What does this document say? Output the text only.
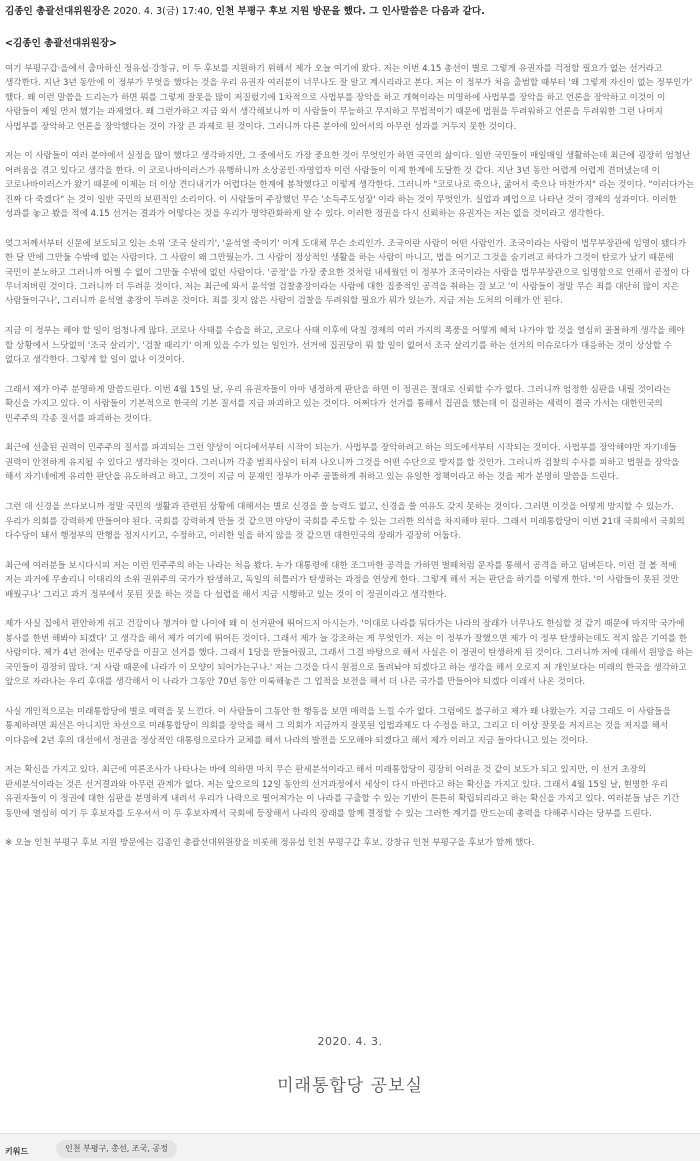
김종인 총괄선대위원장은 2020. 4. 3(금) 17:40, 인천 부평구 후보 지원 방문을 했다. 그 인사말씀은 다음과 같다.
<김종인 총괄선대위원장>

여기 부평구갑·을에서 출마하신 정유섭·강창규, 이 두 후보를 지원하기 위해서 제가 오늘 여기에 왔다. 저는 이번 4.15 총선이 별로 그렇게 유권자를 걱정할 필요가 없는 선거라고 생각한다. 지난 3년 동안에 이 정부가 무엇을 했다는 것을 우리 유권자 여러분이 너무나도 잘 알고 계시리라고 본다. 저는 이 정부가 처음 출범할 때부터 '왜 그렇게 자신이 없는 정부인가' 했다. 왜 이런 말씀을 드리는가 하면 뭐를 그렇게 잘못을 많이 저질렀기에 1차적으로 사법부를 장악을 하고 개혁이라는 미명하에 사법부를 장악을 하고 언론을 장악하고 이것이 이 사람들이 제일 먼저 했기는 과제였다. 왜 그런가하고 지금 와서 생각해보니까 이 사람들이 무능하고 무지하고 무법적이기 때문에 법원을 두려워하고 언론을 두려워한 그런 나머지 사법부를 장악하고 언론을 장악했다는 것이 가장 큰 과제로 된 것이다. 그러니까 다른 분야에 있어서의 아무런 성과를 거두지 못한 것이다.

저는 이 사람들이 여러 분야에서 실정을 많이 했다고 생각하지만, 그 중에서도 가장 중요한 것이 무엇인가 하면 국민의 삶이다. 일반 국민들이 매일매일 생활하는데 최근에 굉장히 엄청난 어려움을 겪고 있다고 생각을 한다. 이 코로나바이러스가 유행하니까 소상공인·자영업자 이런 사람들이 이제 한계에 도달한 것 같다. 지난 3년 동안 어렵게 어렵게 견뎌냈는데 이 코로나바이러스가 왔기 때문에 이제는 더 이상 견디내기가 어렵다는 한계에 봉착했다고 이렇게 생각한다. 그러니까 "코로나로 죽으나, 굶어서 죽으나 마찬가지" 라는 것이다. "이러다가는 진짜 다 죽겠다" 는 것이 일반 국민의 보편적인 소리이다. 이 사람들이 주장했던 무슨 '소득주도성장' 이라 하는 것이 무엇인가. 실업과 폐업으로 나타난 것이 경제의 성과이다. 이러한 성과를 놓고 봤을 적에 4.15 선거는 결과가 어떻다는 것을 우리가 명약관화하게 알 수 있다. 이러한 정권을 다시 신뢰하는 유권자는 저는 없을 것이라고 생각한다.

엊그저께서부터 신문에 보도되고 있는 소위 '조국 살리기', '윤석열 죽이기' 이게 도대체 무슨 소리인가. 조국이란 사람이 어떤 사람인가. 조국이라는 사람이 법무부장관에 임명이 됐다가 한 달 만에 그만둘 수밖에 없는 사람이다. 그 사람이 왜 그만뒀는가. 그 사람이 정상적인 생활을 하는 사람이 아니고, 법을 어기고 그것을 숨기려고 하다가 그것이 탄로가 났기 때문에 국민이 분노하고 그러니까 어쩔 수 없이 그만둘 수밖에 없던 사람이다. '공정'을 가장 중요한 것처럼 내세웠던 이 정부가 조국이라는 사람을 법무부장관으로 임명함으로 인해서 공정이 다 무너져버린 것이다. 그러니까 더 두려운 것이다. 저는 최근에 와서 윤석열 검찰총장이라는 사람에 대한 집중적인 공격을 취하는 걸 보고 '이 사람들이 정말 무슨 죄를 대단히 많이 지은 사람들이구나', 그러니까 윤석열 총장이 두려운 것이다. 죄를 짓지 않은 사람이 검찰을 두려워할 필요가 뭐가 있는가. 지금 저는 도처의 이해가 안 된다.

지금 이 정부는 해야 할 일이 엄청나게 많다. 코로나 사태를 수습을 하고, 코로나 사태 이후에 닥칠 경제의 여러 가지의 폭풍을 어떻게 헤쳐 나가야 할 것을 열심히 골몰하게 생각을 해야 할 상황에서 느닷없이 '조국 살리기', '검찰 때리기' 이게 있을 수가 있는 일인가. 선거에 집권당이 뭐 할 일이 없어서 조국 살리기를 하는 선거의 이슈로다가 대응하는 것이 상상할 수 없다고 생각한다. 그렇게 할 일이 없나 이것이다.

그래서 제가 아주 분명하게 말씀드린다. 이번 4월 15일 날, 우리 유권자들이 아마 냉정하게 판단을 하면 이 정권은 절대로 신뢰할 수가 없다. 그러니까 엄정한 심판을 내릴 것이라는 확신을 가지고 있다. 이 사람들이 기본적으로 한국의 기본 질서를 지금 파괴하고 있는 것이다. 어쩌다가 선거를 통해서 집권을 했는데 이 집권하는 세력이 결국 가서는 대한민국의 민주주의 각종 질서를 파괴하는 것이다.

최근에 선출된 권력이 민주주의 질서를 파괴되는 그런 양상이 어디에서부터 시작이 되는가. 사법부를 장악하려고 하는 의도에서부터 시작되는 것이다. 사법부를 장악해야만 자기네들 권력이 안전하게 유지될 수 있다고 생각하는 것이다. 그러니까 각종 범죄사실이 터져 나오니까 그것을 어떤 수단으로 방지를 할 것인가. 그러니까 검찰의 수사를 피하고 법원을 장악을 해서 자기네에게 유리한 판단을 유도하려고 하고, 그것이 지금 이 문재인 정부가 아주 골똘하게 취하고 있는 유일한 정책이라고 하는 것을 제가 분명히 말씀을 드린다.

그런 데 신경을 쓰다보니까 정말 국민의 생활과 관련된 상황에 대해서는 별로 신경을 쓸 능력도 없고, 신경을 쓸 여유도 갖지 못하는 것이다. 그러면 이것을 어떻게 방지할 수 있는가. 우리가 의회를 강력하게 만들어야 된다. 국회를 강력하게 만들 것 같으면 야당이 국회를 주도할 수 있는 그러한 의석을 차지해야 된다. 그래서 미래통합당이 이번 21대 국회에서 국회의 다수당이 돼서 행정부의 만행을 정지시키고, 수정하고, 이러한 일을 하지 않을 것 같으면 대한민국의 장래가 굉장히 어둡다.

최근에 여러분들 보시다시피 저는 이런 민주주의 하는 나라는 처음 봤다. 누가 대통령에 대한 조그마한 공격을 가하면 벌떼처럼 문자를 통해서 공격을 하고 덤벼든다. 이런 걸 볼 적에 저는 과거에 무솔리니 이태리의 소위 권위주의 국가가 탄생하고, 독일의 히틀러가 탄생하는 과정을 연상케 한다. 그렇게 해서 저는 판단을 하기를 이렇게 한다. '이 사람들이 못된 것만 배웠구나' 그리고 과거 정부에서 못된 짓을 하는 것을 다 섭렵을 해서 지금 시행하고 있는 것이 이 정권이라고 생각한다.

제가 사실 집에서 편안하게 쉬고 건강이나 챙겨야 할 나이에 왜 이 선거판에 뛰어드지 아시는가. '이대로 나라를 둬다가는 나라의 장래가 너무나도 한심할 것 같기 때문에 마지막 국가에 봉사를 한번 해봐야 되겠다' 고 생각을 해서 제가 여기에 뛰어든 것이다. 그래서 제가 늘 강조하는 게 무엇인가. 저는 이 정부가 잘했으면 제가 이 정부 탄생하는데도 적지 않은 기여를 한 사람이다. 제가 4년 전에는 민주당을 이끌고 선거를 했다. 그래서 1당을 만들어줬고, 그래서 그걸 바탕으로 해서 사실은 이 정권이 탄생하게 된 것이다. 그러니까 저에 대해서 원망을 하는 국민들이 굉장히 많다. '저 사람 때문에 나라가 이 모양이 되어가는구나.' 저는 그것을 다시 원점으로 돌려놔야 되겠다고 하는 생각을 해서 오로지 저 개인보다는 미래의 한국을 생각하고 앞으로 자라나는 우리 후대를 생각해서 이 나라가 그동안 70년 동안 이룩해놓은 그 업적을 보전을 해서 더 나은 국가를 만들어야 되겠다 이래서 나온 것이다.

사실 개인적으로는 미래통합당에 별로 매력을 못 느낀다. 이 사람들이 그동안 한 행동을 보면 매력을 느낄 수가 없다. 그럼에도 불구하고 제가 왜 나왔는가. 지금 그래도 이 사람들을 통제하려면 최선은 아니지만 차선으로 미래통합당이 의회를 장악을 해서 그 의회가 지금까지 잘못된 입법과제도 다 수정을 하고, 그리고 더 이상 잘못을 저지르는 것을 저지를 해서 이다음에 2년 후의 대선에서 정권을 정상적인 대통령으로다가 교체를 해서 나라의 발전을 도모해야 되겠다고 해서 제가 이러고 지금 돌아다니고 있는 것이다.

저는 확신을 가지고 있다. 최근에 여론조사가 나타나는 바에 의하면 마치 무슨 판세분석이라고 해서 미래통합당이 굉장히 어려운 것 같이 보도가 되고 있지만, 이 선거 초장의 판세분석이라는 것은 선거결과와 아무런 관계가 없다. 저는 앞으로의 12일 동안의 선거과정에서 세상이 다시 바뀐다고 하는 확신을 가지고 있다. 그래서 4월 15일 날, 현명한 우리 유권자들이 이 정권에 대한 심판을 분명하게 내려서 우리가 나락으로 떨어져가는 이 나라를 구출할 수 있는 기반이 튼튼히 확립되리라고 하는 확신을 가지고 있다. 여러분들 남은 기간 동안에 열심히 여기 두 후보자를 도우셔서 이 두 후보자께서 국회에 등장해서 나라의 장래를 함께 결정할 수 있는 그러한 계기를 만드는데 총력을 다해주시라는 당부를 드린다.

※ 오늘 인천 부평구 후보 지원 방문에는 김종인 총괄선대위원장을 비롯해 정유섭 인천 부평구갑 후보, 강창규 인천 부평구을 후보가 함께 했다.

2020. 4. 3.
미래통합당 공보실
키워드	인천 부평구, 총선, 조국, 공정
